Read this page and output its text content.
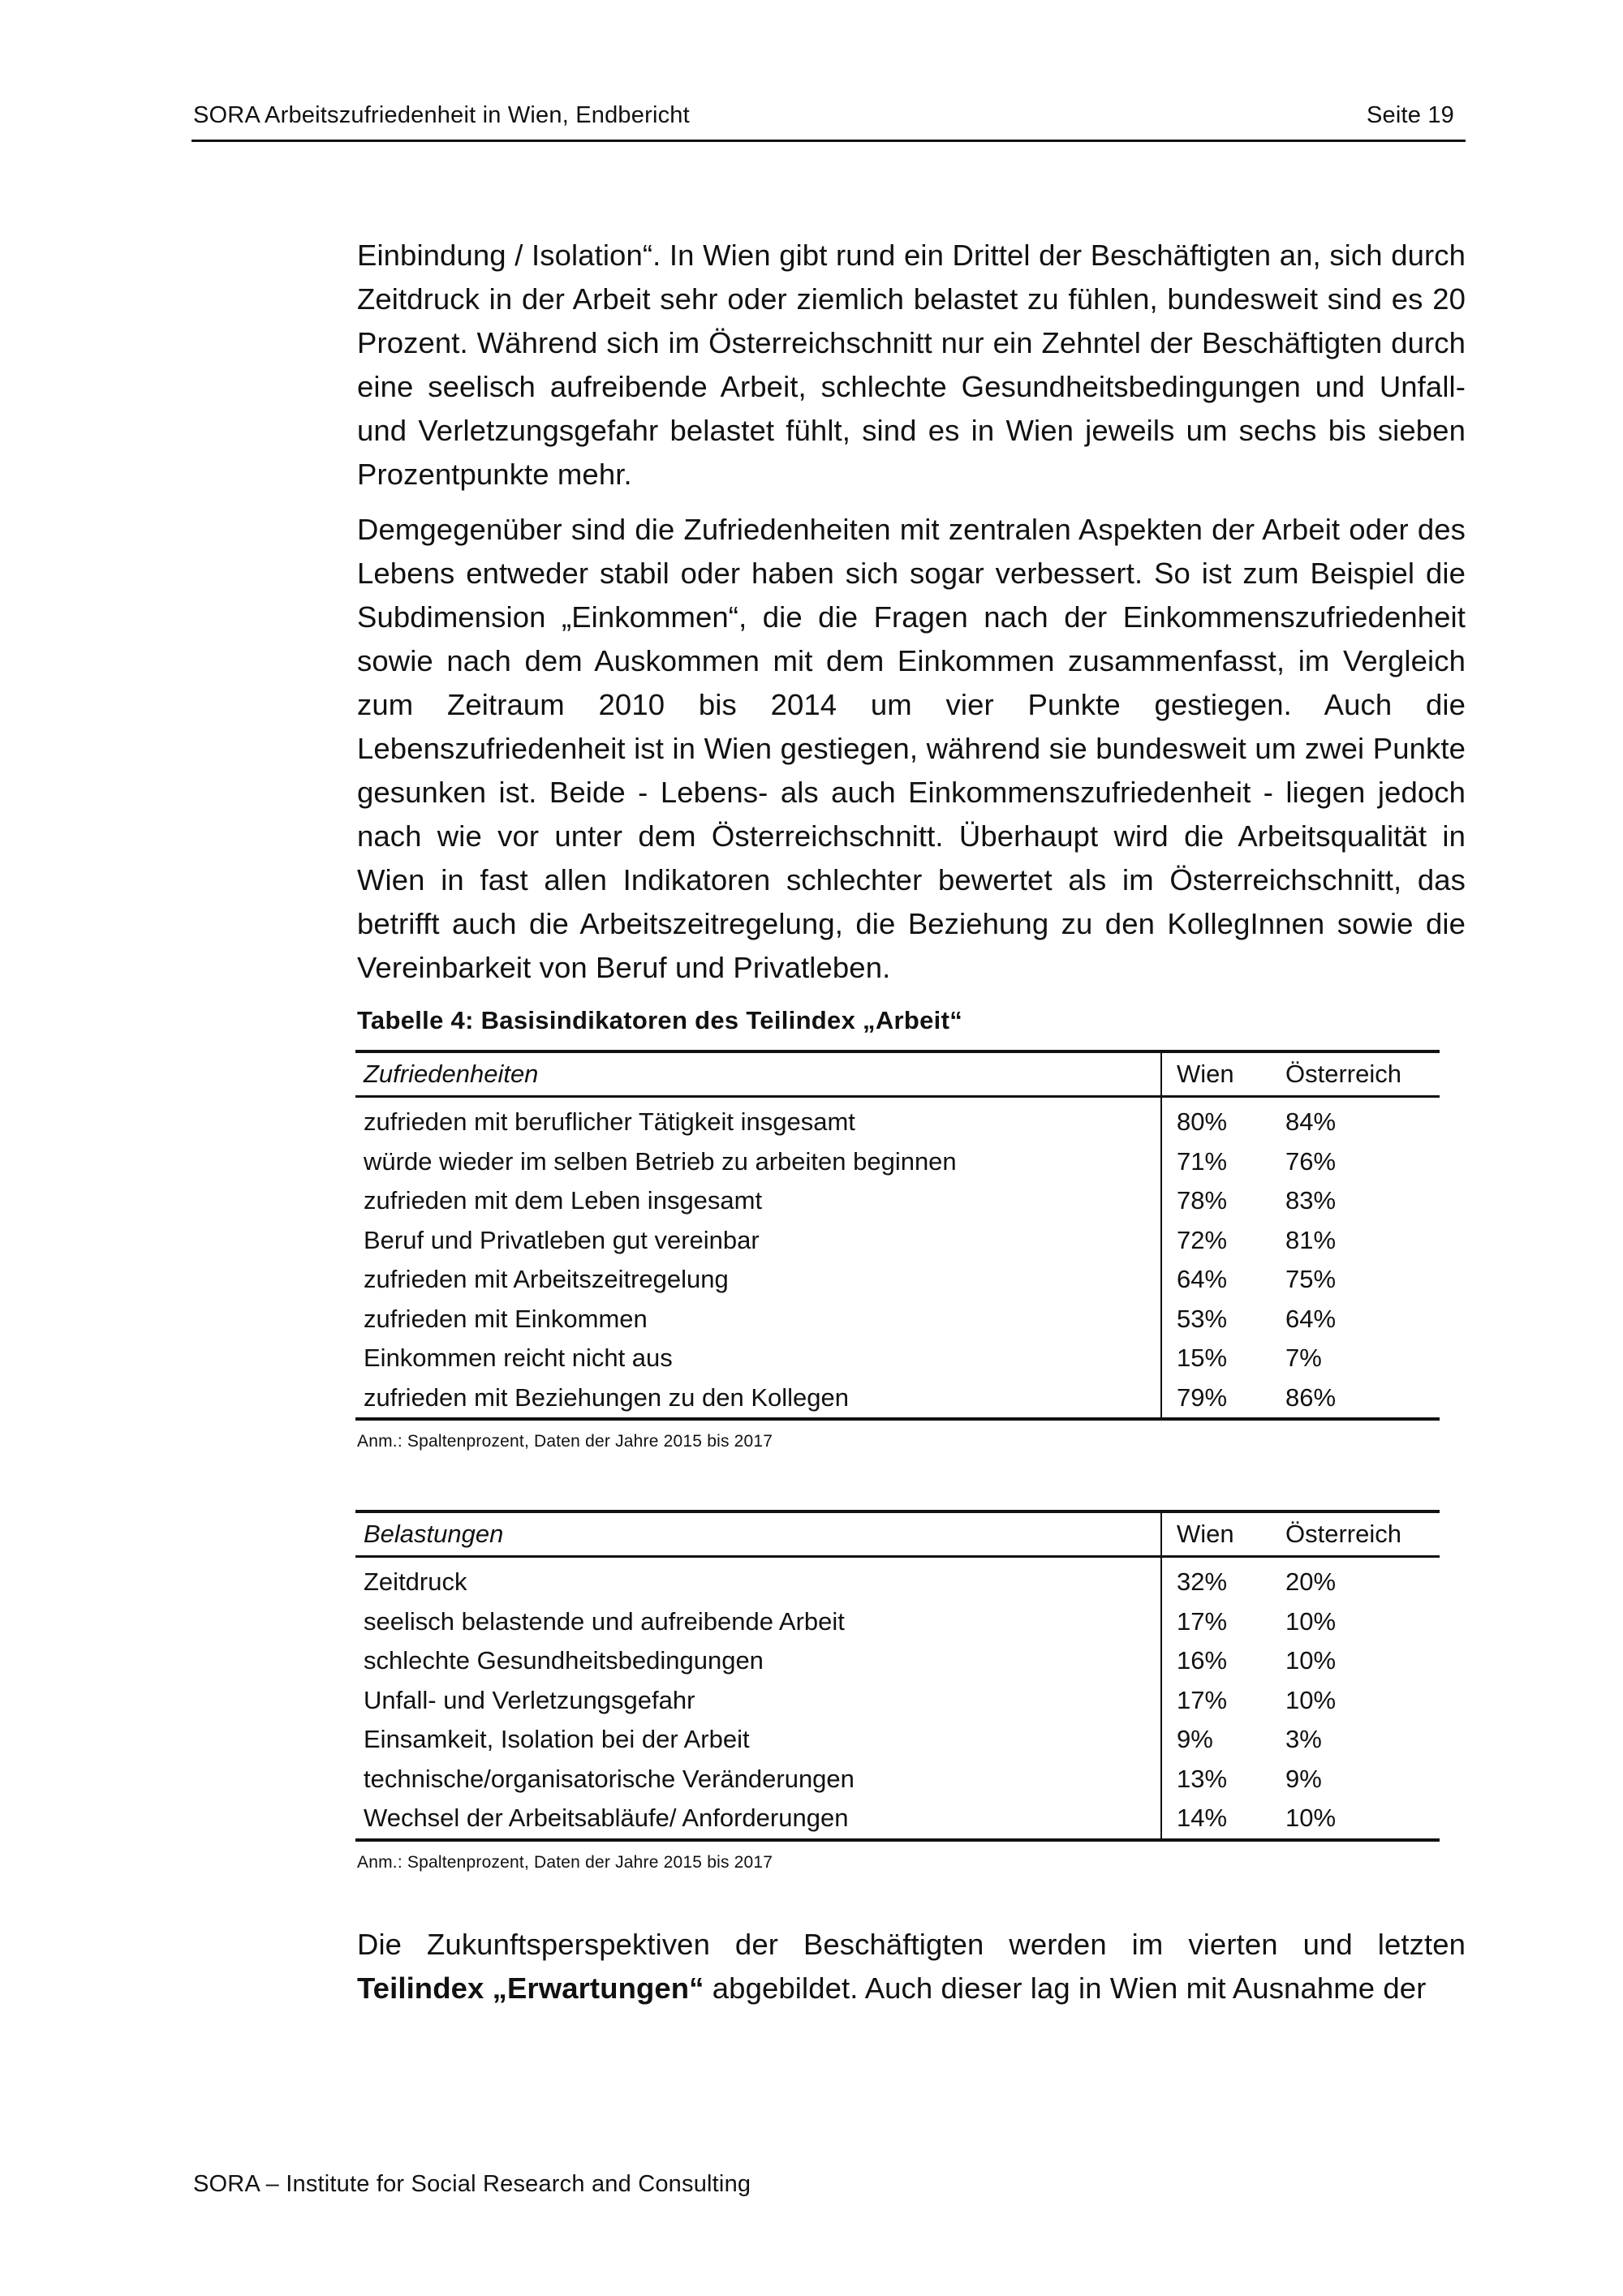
SORA Arbeitszufriedenheit in Wien, Endbericht	Seite 19

Einbindung / Isolation“. In Wien gibt rund ein Drittel der Beschäftigten an, sich durch Zeitdruck in der Arbeit sehr oder ziemlich belastet zu fühlen, bundesweit sind es 20 Prozent. Während sich im Österreichschnitt nur ein Zehntel der Beschäftigten durch eine seelisch aufreibende Arbeit, schlechte Gesundheitsbedingungen und Unfall- und Verletzungsgefahr belastet fühlt, sind es in Wien jeweils um sechs bis sieben Prozentpunkte mehr.

Demgegenüber sind die Zufriedenheiten mit zentralen Aspekten der Arbeit oder des Lebens entweder stabil oder haben sich sogar verbessert. So ist zum Beispiel die Subdimension „Einkommen“, die die Fragen nach der Einkommenszufriedenheit sowie nach dem Auskommen mit dem Einkommen zusammenfasst, im Vergleich zum Zeitraum 2010 bis 2014 um vier Punkte gestiegen. Auch die Lebenszufriedenheit ist in Wien gestiegen, während sie bundesweit um zwei Punkte gesunken ist. Beide - Lebens- als auch Einkommenszufriedenheit - liegen jedoch nach wie vor unter dem Österreichschnitt. Überhaupt wird die Arbeitsqualität in Wien in fast allen Indikatoren schlechter bewertet als im Österreichschnitt, das betrifft auch die Arbeitszeitregelung, die Beziehung zu den KollegInnen sowie die Vereinbarkeit von Beruf und Privatleben.

Tabelle 4: Basisindikatoren des Teilindex „Arbeit“
Zufriedenheiten	Wien	Österreich
zufrieden mit beruflicher Tätigkeit insgesamt	80%	84%
würde wieder im selben Betrieb zu arbeiten beginnen	71%	76%
zufrieden mit dem Leben insgesamt	78%	83%
Beruf und Privatleben gut vereinbar	72%	81%
zufrieden mit Arbeitszeitregelung	64%	75%
zufrieden mit Einkommen	53%	64%
Einkommen reicht nicht aus	15%	7%
zufrieden mit Beziehungen zu den Kollegen	79%	86%
Anm.: Spaltenprozent, Daten der Jahre 2015 bis 2017
Belastungen	Wien	Österreich
Zeitdruck	32%	20%
seelisch belastende und aufreibende Arbeit	17%	10%
schlechte Gesundheitsbedingungen	16%	10%
Unfall- und Verletzungsgefahr	17%	10%
Einsamkeit, Isolation bei der Arbeit	9%	3%
technische/organisatorische Veränderungen	13%	9%
Wechsel der Arbeitsabläufe/ Anforderungen	14%	10%
Anm.: Spaltenprozent, Daten der Jahre 2015 bis 2017

Die Zukunftsperspektiven der Beschäftigten werden im vierten und letzten Teilindex „Erwartungen“ abgebildet. Auch dieser lag in Wien mit Ausnahme der

SORA – Institute for Social Research and Consulting
